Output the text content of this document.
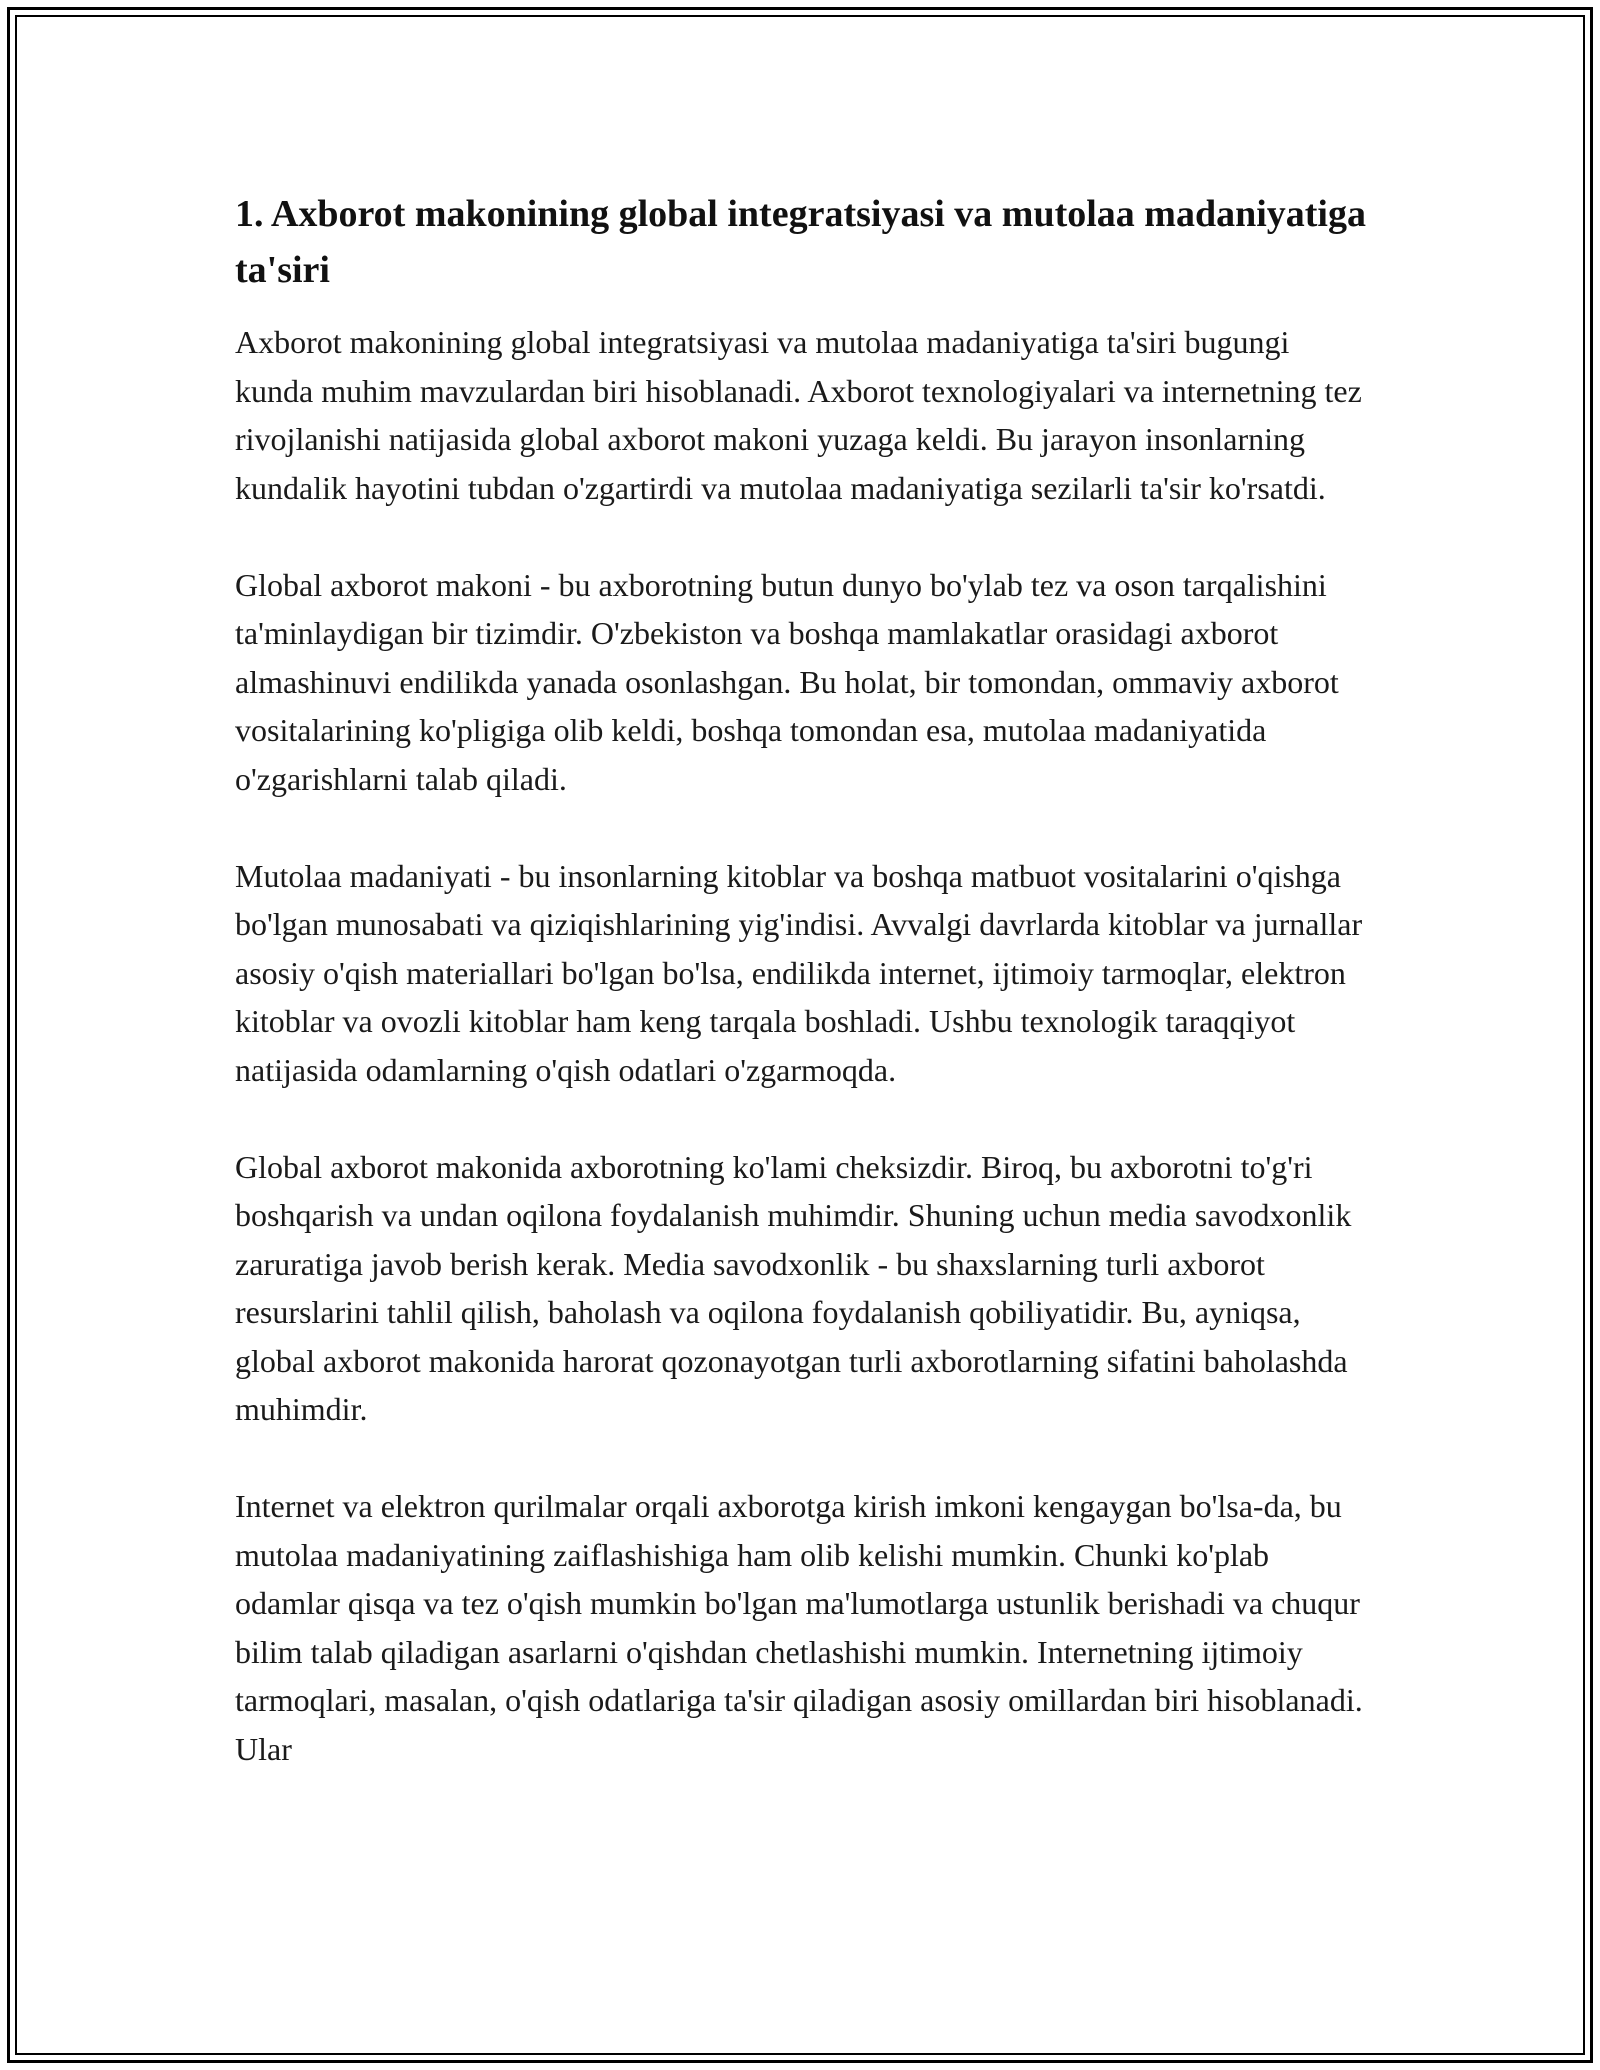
1. Axborot makonining global integratsiyasi va mutolaa madaniyatiga ta'siri

Axborot makonining global integratsiyasi va mutolaa madaniyatiga ta'siri bugungi kunda muhim mavzulardan biri hisoblanadi. Axborot texnologiyalari va internetning tez rivojlanishi natijasida global axborot makoni yuzaga keldi. Bu jarayon insonlarning kundalik hayotini tubdan o'zgartirdi va mutolaa madaniyatiga sezilarli ta'sir ko'rsatdi.

Global axborot makoni - bu axborotning butun dunyo bo'ylab tez va oson tarqalishini ta'minlaydigan bir tizimdir. O'zbekiston va boshqa mamlakatlar orasidagi axborot almashinuvi endilikda yanada osonlashgan. Bu holat, bir tomondan, ommaviy axborot vositalarining ko'pligiga olib keldi, boshqa tomondan esa, mutolaa madaniyatida o'zgarishlarni talab qiladi.

Mutolaa madaniyati - bu insonlarning kitoblar va boshqa matbuot vositalarini o'qishga bo'lgan munosabati va qiziqishlarining yig'indisi. Avvalgi davrlarda kitoblar va jurnallar asosiy o'qish materiallari bo'lgan bo'lsa, endilikda internet, ijtimoiy tarmoqlar, elektron kitoblar va ovozli kitoblar ham keng tarqala boshladi. Ushbu texnologik taraqqiyot natijasida odamlarning o'qish odatlari o'zgarmoqda.

Global axborot makonida axborotning ko'lami cheksizdir. Biroq, bu axborotni to'g'ri boshqarish va undan oqilona foydalanish muhimdir. Shuning uchun media savodxonlik zaruratiga javob berish kerak. Media savodxonlik - bu shaxslarning turli axborot resurslarini tahlil qilish, baholash va oqilona foydalanish qobiliyatidir. Bu, ayniqsa, global axborot makonida harorat qozonayotgan turli axborotlarning sifatini baholashda muhimdir.

Internet va elektron qurilmalar orqali axborotga kirish imkoni kengaygan bo'lsa-da, bu mutolaa madaniyatining zaiflashishiga ham olib kelishi mumkin. Chunki ko'plab odamlar qisqa va tez o'qish mumkin bo'lgan ma'lumotlarga ustunlik berishadi va chuqur bilim talab qiladigan asarlarni o'qishdan chetlashishi mumkin. Internetning ijtimoiy tarmoqlari, masalan, o'qish odatlariga ta'sir qiladigan asosiy omillardan biri hisoblanadi. Ular
